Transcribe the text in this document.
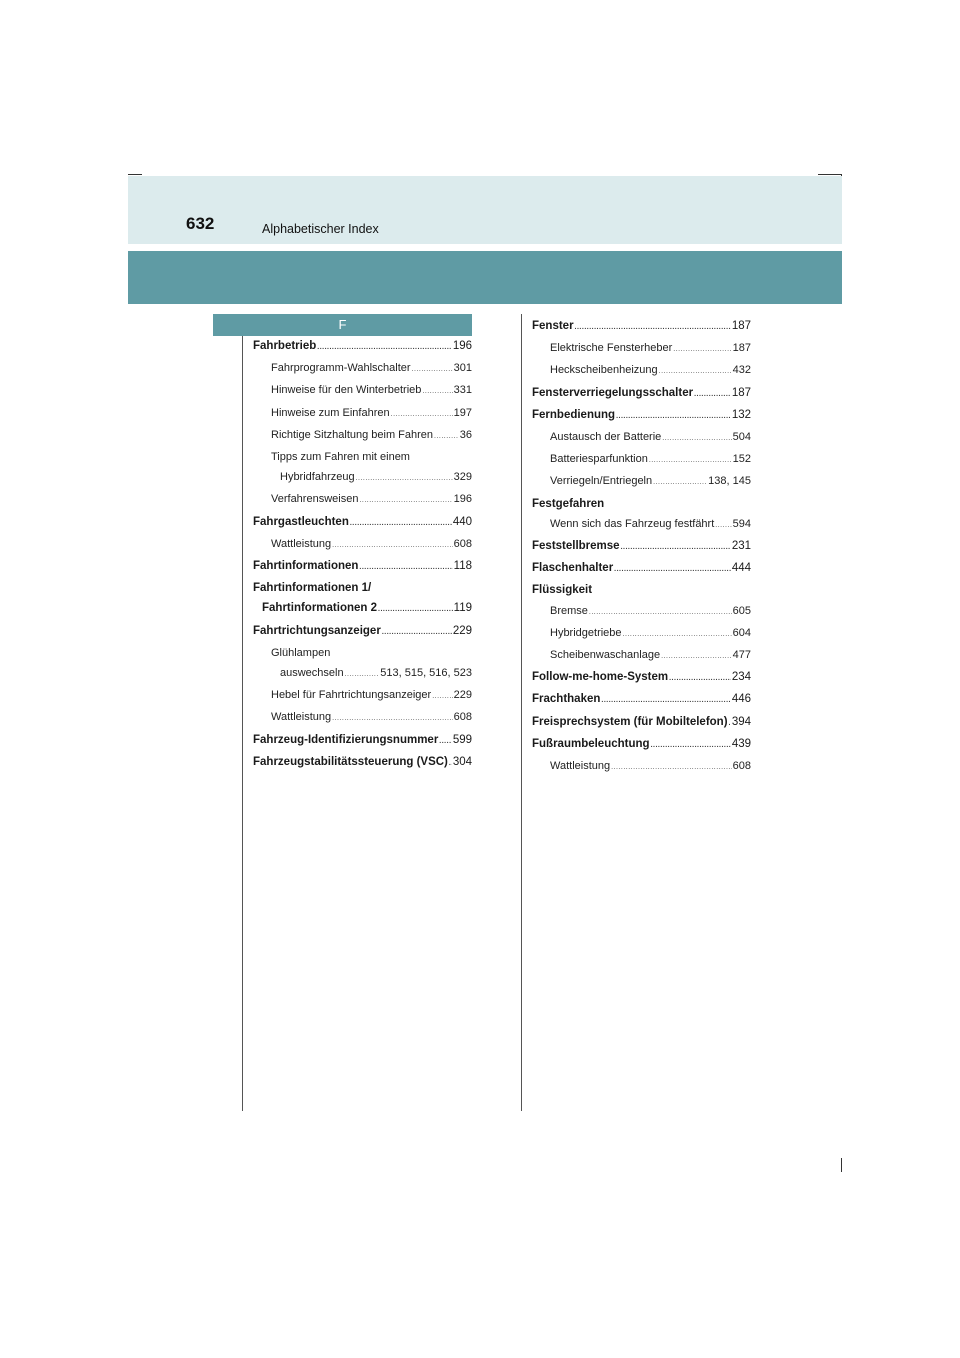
632	Alphabetischer Index
F
Fahrbetrieb .....	196
Fahrprogramm-Wahlschalter .....	301
Hinweise für den Winterbetrieb .....	331
Hinweise zum Einfahren .....	197
Richtige Sitzhaltung beim Fahren ..... 36
Tipps zum Fahren mit einem
Hybridfahrzeug .....	329
Verfahrensweisen .....	196
Fahrgastleuchten .....	440
Wattleistung .....	608
Fahrtinformationen .....	118
Fahrtinformationen 1/
Fahrtinformationen 2 .....	119
Fahrtrichtungsanzeiger .....	229
Glühlampen
auswechseln .....	513, 515, 516, 523
Hebel für Fahrtrichtungsanzeiger ..... 229
Wattleistung .....	608
Fahrzeug-Identifizierungsnummer ..... 599
Fahrzeugstabilitätssteuerung (VSC) ..... 304
Fenster .....	187
Elektrische Fensterheber .....	187
Heckscheibenheizung .....	432
Fensterverriegelungsschalter .....	187
Fernbedienung .....	132
Austausch der Batterie .....	504
Batteriesparfunktion .....	152
Verriegeln/Entriegeln .....	138, 145
Festgefahren
Wenn sich das Fahrzeug festfährt ..... 594
Feststellbremse .....	231
Flaschenhalter .....	444
Flüssigkeit
Bremse .....	605
Hybridgetriebe .....	604
Scheibenwaschanlage .....	477
Follow-me-home-System .....	234
Frachthaken .....	446
Freisprechsystem (für Mobiltelefon) ..... 394
Fußraumbeleuchtung .....	439
Wattleistung .....	608
